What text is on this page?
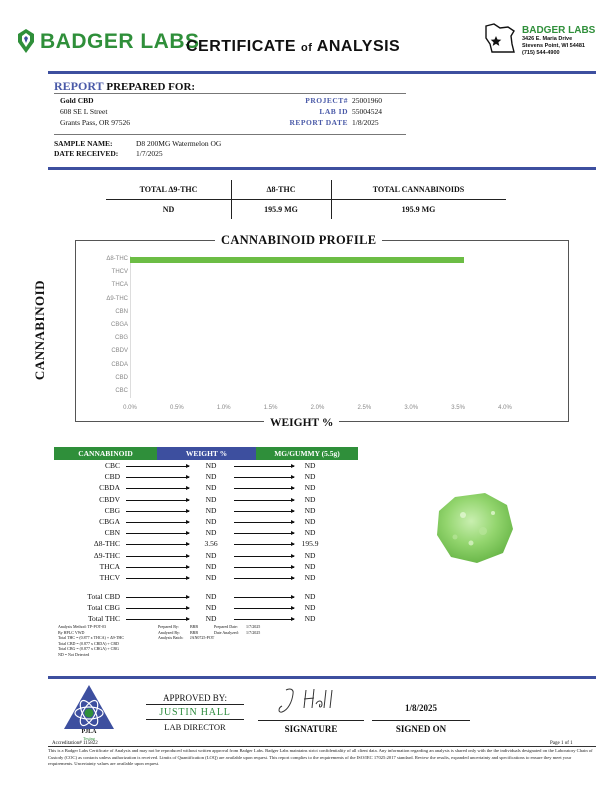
BADGER LABS
CERTIFICATE of ANALYSIS
BADGER LABS
3426 E. Maria Drive
Stevens Point, WI 54481
(715) 544-4900
REPORT PREPARED FOR:
Gold CBD
608 SE L Street
Grants Pass, OR 97526
PROJECT# 25001960
LAB ID 55004524
REPORT DATE 1/8/2025
SAMPLE NAME:	D8 200MG Watermelon OG
DATE RECEIVED: 1/7/2025
TOTAL Δ9-THC	Δ8-THC	TOTAL CANNABINOIDS
ND	195.9 MG	195.9 MG
CANNABINOID PROFILE
CANNABINOID
WEIGHT %
Δ8-THC
THCV
THCA
Δ9-THC
CBN
CBGA
CBG
CBDV
CBDA
CBD
CBC
0.0%	0.5%	1.0%	1.5%	2.0%	2.5%	3.0%	3.5%	4.0%
CANNABINOID	WEIGHT %	MG/GUMMY (5.5g)
CBC	ND	ND
CBD	ND	ND
CBDA	ND	ND
CBDV	ND	ND
CBG	ND	ND
CBGA	ND	ND
CBN	ND	ND
Δ8-THC	3.56	195.9
Δ9-THC	ND	ND
THCA	ND	ND
THCV	ND	ND
Total CBD	ND	ND
Total CBG	ND	ND
Total THC	ND	ND
Analysis Method: TP-POT-03
By HPLC VWD
Total THC = (0.877 x THCA) + Δ9-THC
Total CBD = (0.877 x CBDA) + CBD
Total CBG = (0.877 x CBGA) + CBG
ND = Not Detected
Prepared By:	BRB	Prepared Date:	1/7/2025
Analyzed By:	BRB	Date Analyzed:	1/7/2025
Analysis Batch:	JAN0725-POT
PJLA
Testing
Accreditation# 115822
APPROVED BY:
JUSTIN HALL
LAB DIRECTOR	SIGNATURE
1/8/2025
SIGNED ON
Page 1 of 1
This is a Badger Labs Certificate of Analysis and may not be reproduced without written approval from Badger Labs. Badger Labs maintains strict confidentiality of all client data. Any information regarding an analysis is shared only with the the individuals designated on the Laboratory Chain of Custody (COC) as contacts unless authorization is received. Limits of Quantification (LOQ) are available upon request. This report complies to the requirements of the ISO/IEC 17025:2017 standard. Review the results, expanded uncertainty and specifications to ensure they meet your requirements. Uncertainty values are available upon request.
